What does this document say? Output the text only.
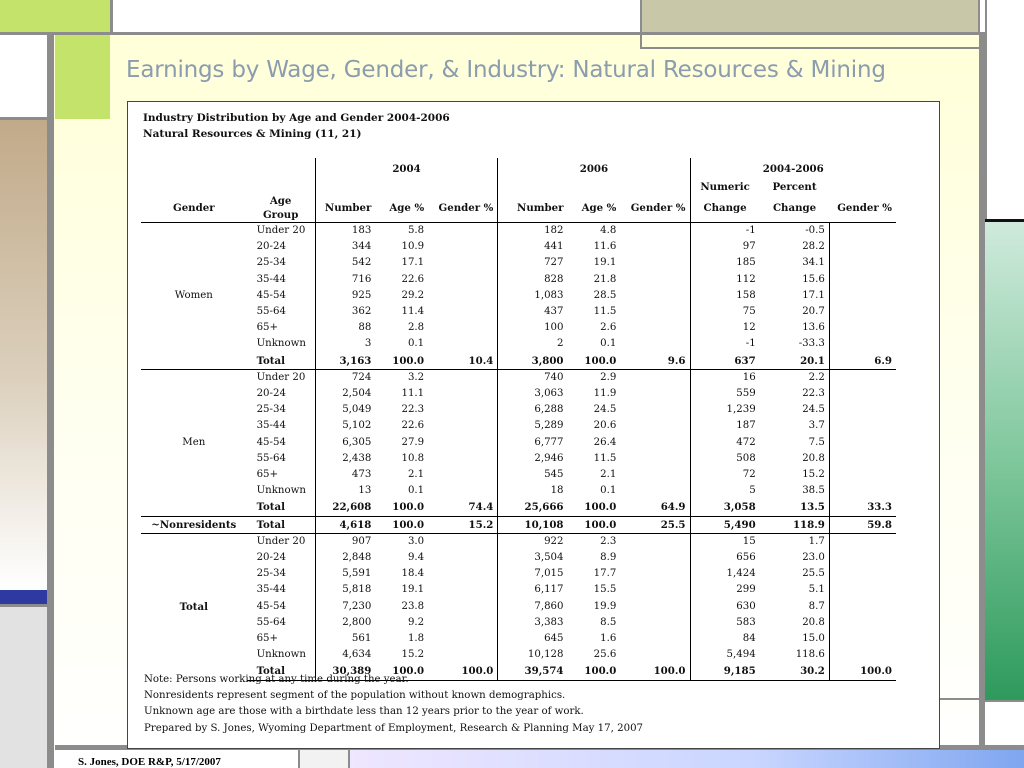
Earnings by Wage, Gender, & Industry: Natural Resources & Mining
S. Jones, DOE R&P, 5/17/2007
Industry Distribution by Age and Gender 2004-2006
Natural Resources & Mining (11, 21)
		2004			2006			2004-2006		
								Numeric	Percent	
Gender	Age Group	Number	Age %	Gender %	Number	Age %	Gender %	Change	Change	Gender %
Women	Under 20	183	5.8		182	4.8		-1	-0.5	
	20-24	344	10.9		441	11.6		97	28.2	
	25-34	542	17.1		727	19.1		185	34.1	
	35-44	716	22.6		828	21.8		112	15.6	
	45-54	925	29.2		1,083	28.5		158	17.1	
	55-64	362	11.4		437	11.5		75	20.7	
	65+	88	2.8		100	2.6		12	13.6	
	Unknown	3	0.1		2	0.1		-1	-33.3	
	Total	3,163	100.0	10.4	3,800	100.0	9.6	637	20.1	6.9
Men	Under 20	724	3.2		740	2.9		16	2.2	
	20-24	2,504	11.1		3,063	11.9		559	22.3	
	25-34	5,049	22.3		6,288	24.5		1,239	24.5	
	35-44	5,102	22.6		5,289	20.6		187	3.7	
	45-54	6,305	27.9		6,777	26.4		472	7.5	
	55-64	2,438	10.8		2,946	11.5		508	20.8	
	65+	473	2.1		545	2.1		72	15.2	
	Unknown	13	0.1		18	0.1		5	38.5	
	Total	22,608	100.0	74.4	25,666	100.0	64.9	3,058	13.5	33.3
~Nonresidents	Total	4,618	100.0	15.2	10,108	100.0	25.5	5,490	118.9	59.8
Total	Under 20	907	3.0		922	2.3		15	1.7	
	20-24	2,848	9.4		3,504	8.9		656	23.0	
	25-34	5,591	18.4		7,015	17.7		1,424	25.5	
	35-44	5,818	19.1		6,117	15.5		299	5.1	
	45-54	7,230	23.8		7,860	19.9		630	8.7	
	55-64	2,800	9.2		3,383	8.5		583	20.8	
	65+	561	1.8		645	1.6		84	15.0	
	Unknown	4,634	15.2		10,128	25.6		5,494	118.6	
	Total	30,389	100.0	100.0	39,574	100.0	100.0	9,185	30.2	100.0
Note: Persons working at any time during the year.
Nonresidents represent segment of the population without known demographics.
Unknown age are those with a birthdate less than 12 years prior to the year of work.
Prepared by S. Jones, Wyoming Department of Employment, Research & Planning May 17, 2007
